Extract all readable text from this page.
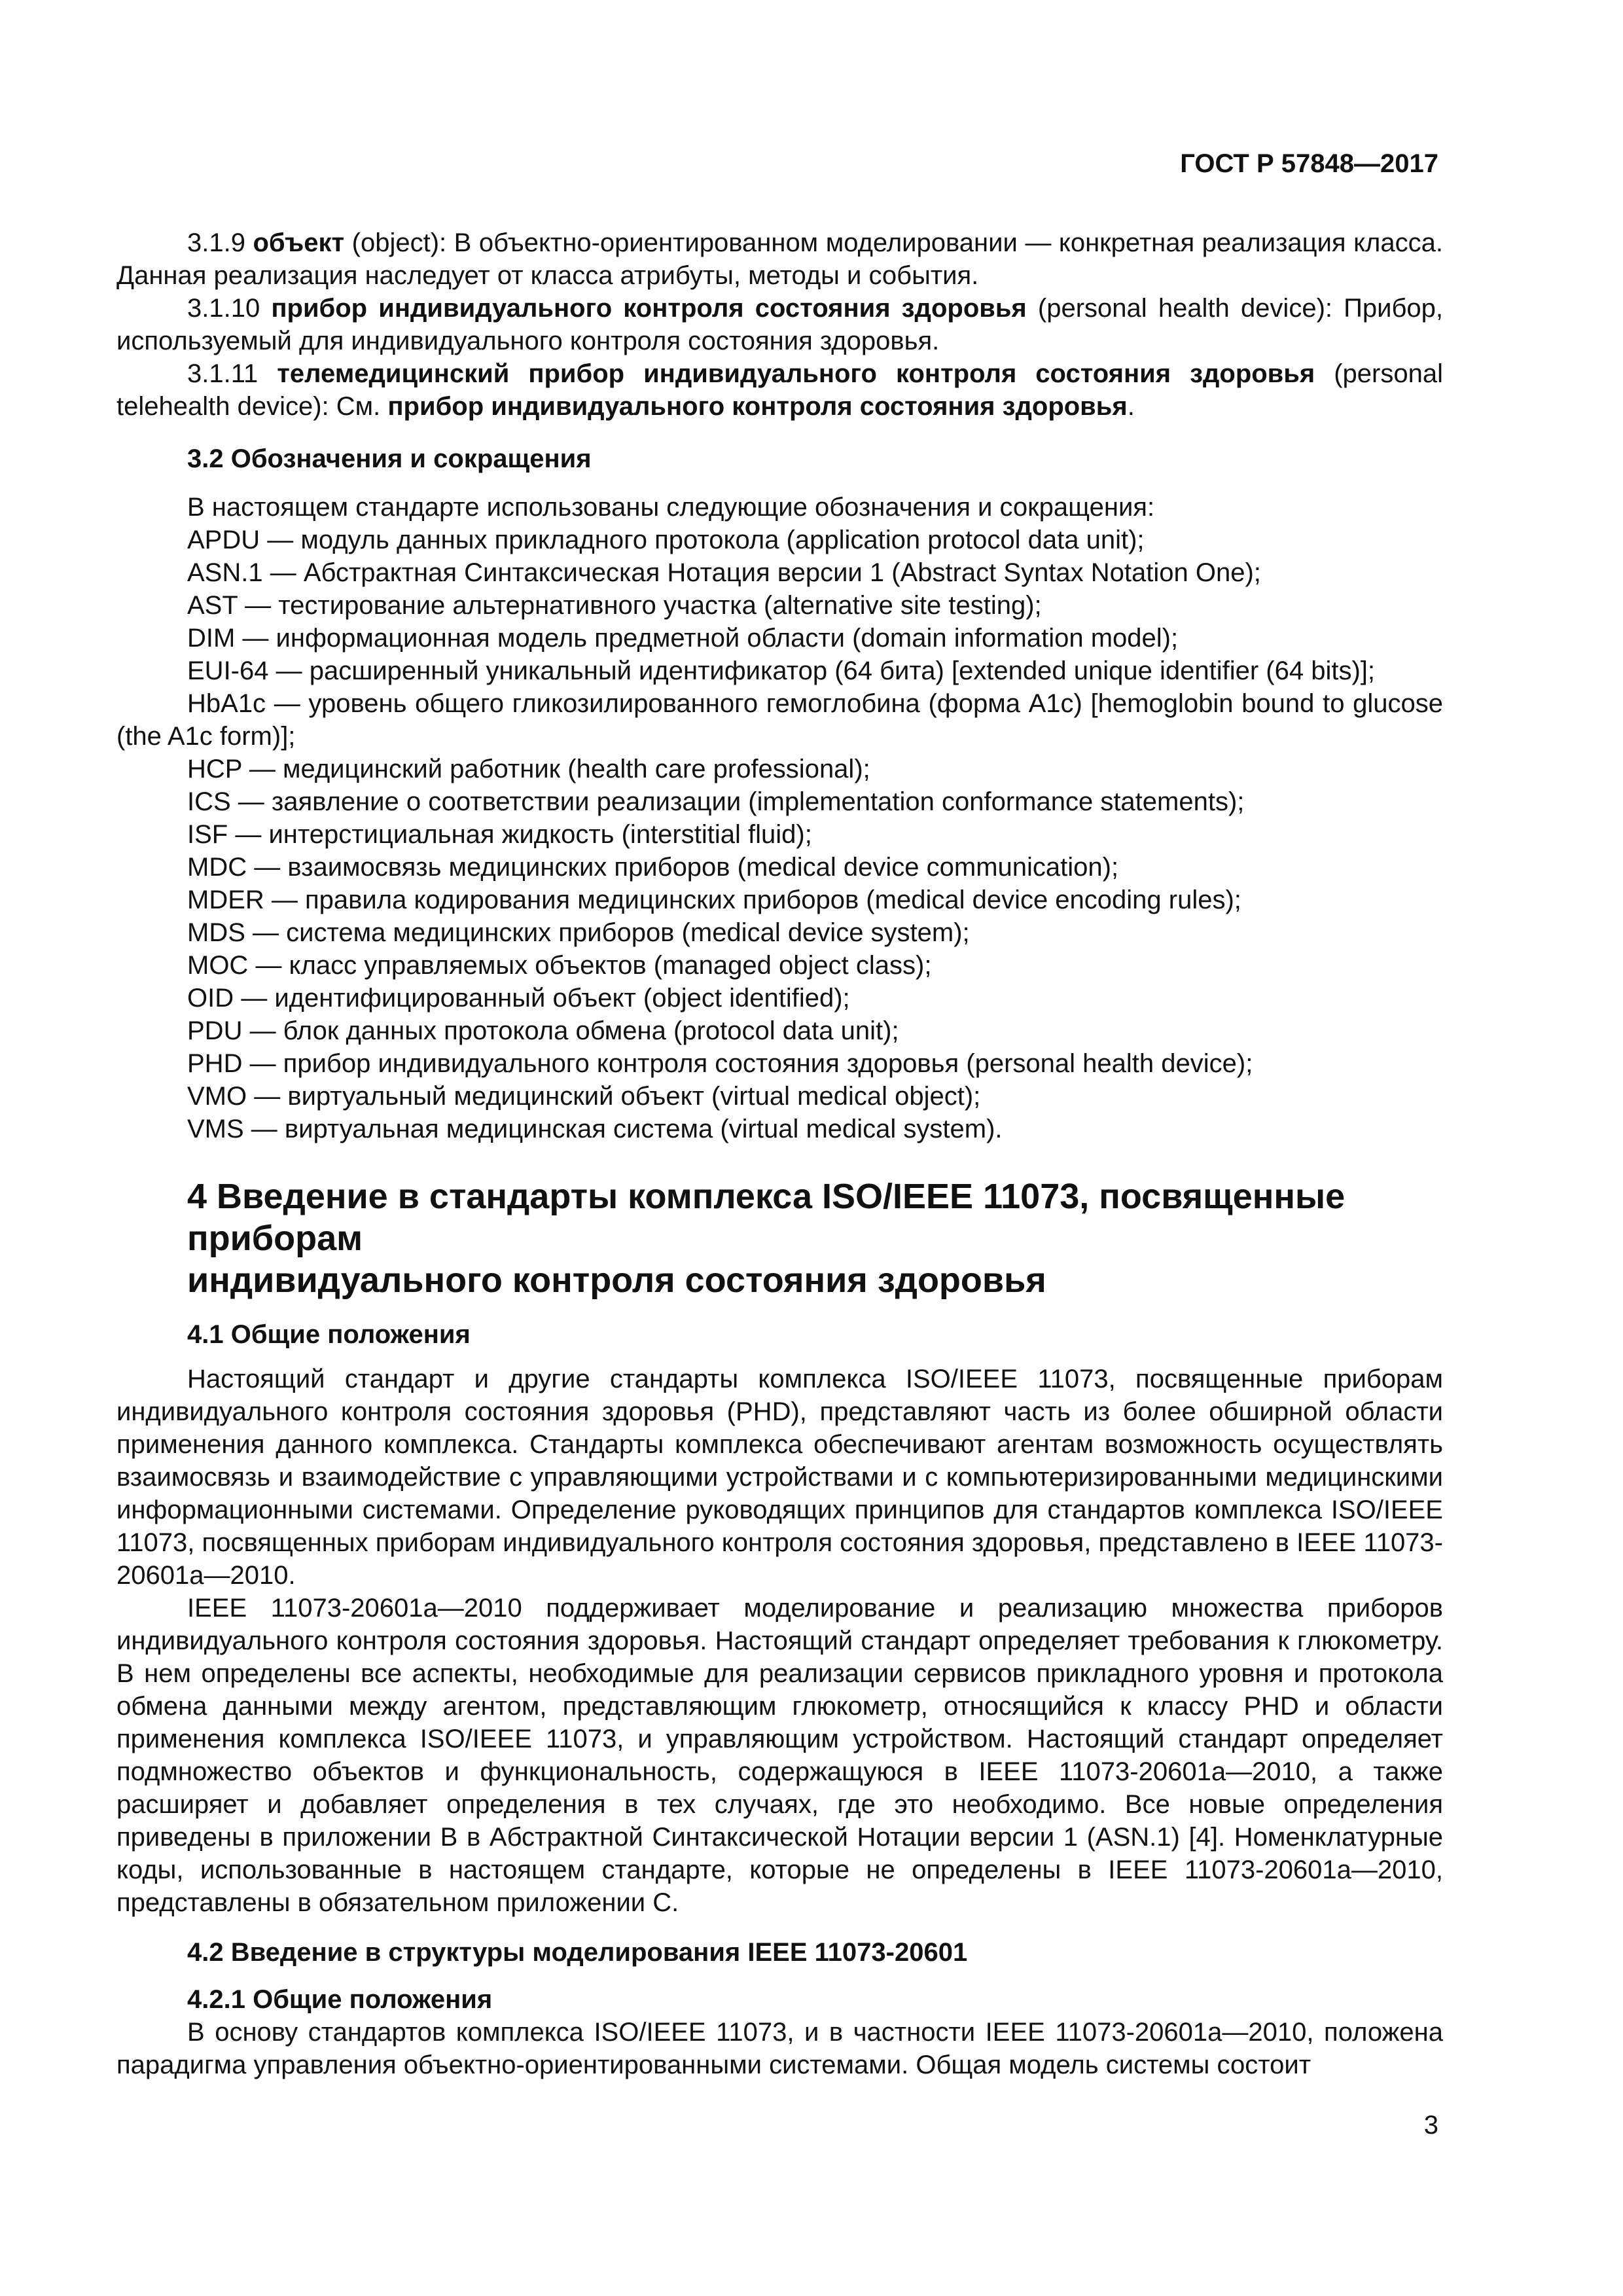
ГОСТ Р 57848—2017

3.1.9 объект (object): В объектно-ориентированном моделировании — конкретная реализация класса. Данная реализация наследует от класса атрибуты, методы и события.

3.1.10 прибор индивидуального контроля состояния здоровья (personal health device): Прибор, используемый для индивидуального контроля состояния здоровья.

3.1.11 телемедицинский прибор индивидуального контроля состояния здоровья (personal telehealth device): См. прибор индивидуального контроля состояния здоровья.

3.2 Обозначения и сокращения

В настоящем стандарте использованы следующие обозначения и сокращения:

APDU — модуль данных прикладного протокола (application protocol data unit);

ASN.1 — Абстрактная Синтаксическая Нотация версии 1 (Abstract Syntax Notation One);

AST — тестирование альтернативного участка (alternative site testing);

DIM — информационная модель предметной области (domain information model);

EUI-64 — расширенный уникальный идентификатор (64 бита) [extended unique identifier (64 bits)];

HbA1c — уровень общего гликозилированного гемоглобина (форма A1c) [hemoglobin bound to glucose (the A1c form)];

HCP — медицинский работник (health care professional);

ICS — заявление о соответствии реализации (implementation conformance statements);

ISF — интерстициальная жидкость (interstitial fluid);

MDC — взаимосвязь медицинских приборов (medical device communication);

MDER — правила кодирования медицинских приборов (medical device encoding rules);

MDS — система медицинских приборов (medical device system);

MOC — класс управляемых объектов (managed object class);

OID — идентифицированный объект (object identified);

PDU — блок данных протокола обмена (protocol data unit);

PHD — прибор индивидуального контроля состояния здоровья (personal health device);

VMO — виртуальный медицинский объект (virtual medical object);

VMS — виртуальная медицинская система (virtual medical system).

4 Введение в стандарты комплекса ISO/IEEE 11073, посвященные приборам
индивидуального контроля состояния здоровья
4.1 Общие положения

Настоящий стандарт и другие стандарты комплекса ISO/IEEE 11073, посвященные приборам индивидуального контроля состояния здоровья (PHD), представляют часть из более обширной области применения данного комплекса. Стандарты комплекса обеспечивают агентам возможность осуществлять взаимосвязь и взаимодействие с управляющими устройствами и с компьютеризированными медицинскими информационными системами. Определение руководящих принципов для стандартов комплекса ISO/IEEE 11073, посвященных приборам индивидуального контроля состояния здоровья, представлено в IEEE 11073-20601a—2010.

IEEE 11073-20601a—2010 поддерживает моделирование и реализацию множества приборов индивидуального контроля состояния здоровья. Настоящий стандарт определяет требования к глюкометру. В нем определены все аспекты, необходимые для реализации сервисов прикладного уровня и протокола обмена данными между агентом, представляющим глюкометр, относящийся к классу PHD и области применения комплекса ISO/IEEE 11073, и управляющим устройством. Настоящий стандарт определяет подмножество объектов и функциональность, содержащуюся в IEEE 11073-20601a—2010, а также расширяет и добавляет определения в тех случаях, где это необходимо. Все новые определения приведены в приложении В в Абстрактной Синтаксической Нотации версии 1 (ASN.1) [4]. Номенклатурные коды, использованные в настоящем стандарте, которые не определены в IEEE 11073-20601a—2010, представлены в обязательном приложении С.

4.2 Введение в структуры моделирования IEEE 11073-20601
4.2.1 Общие положения

В основу стандартов комплекса ISO/IEEE 11073, и в частности IEEE 11073-20601a—2010, положена парадигма управления объектно-ориентированными системами. Общая модель системы состоит

3
